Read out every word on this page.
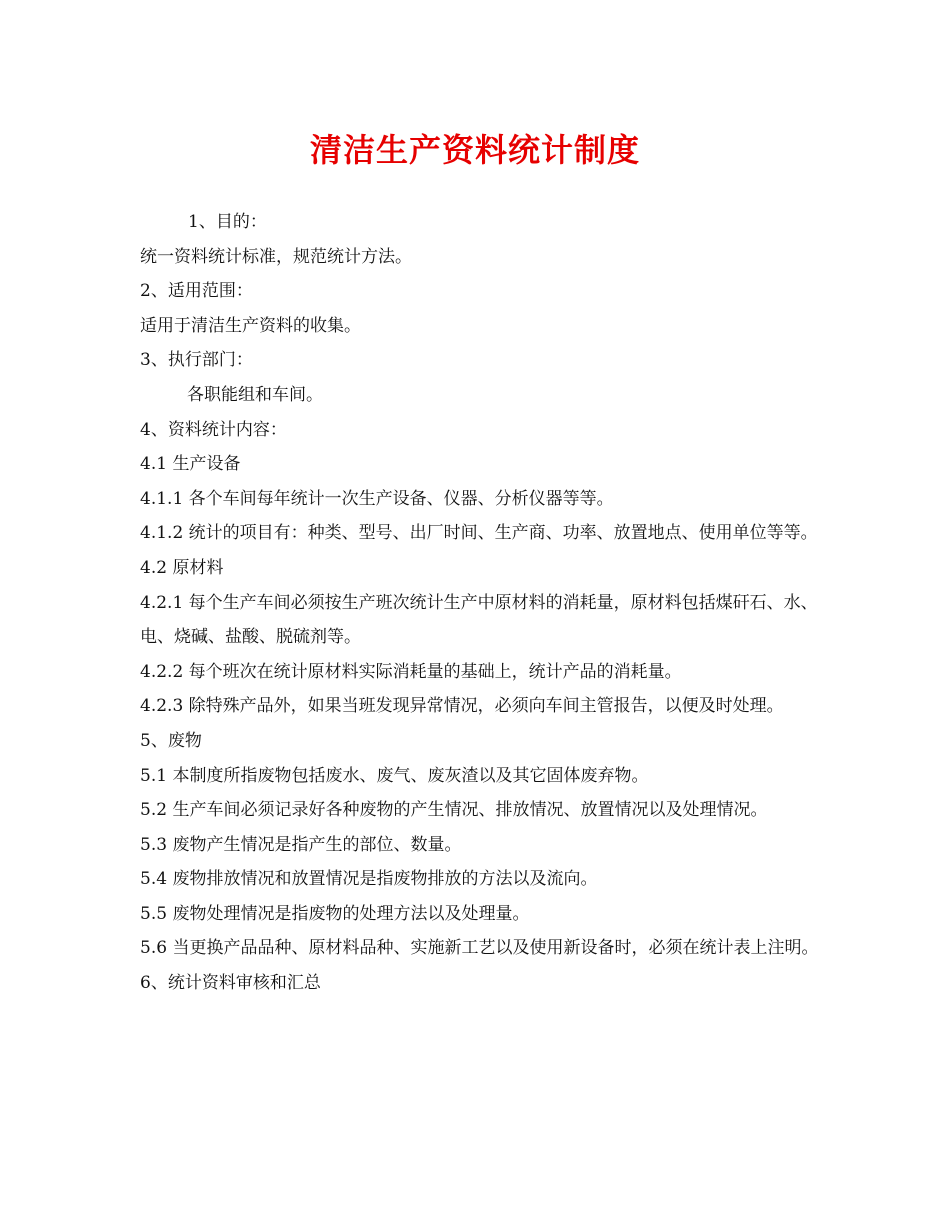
清洁生产资料统计制度

1、目的：

统一资料统计标准，规范统计方法。

2、适用范围：

适用于清洁生产资料的收集。

3、执行部门：

各职能组和车间。

4、资料统计内容：

4.1 生产设备

4.1.1 各个车间每年统计一次生产设备、仪器、分析仪器等等。

4.1.2 统计的项目有：种类、型号、出厂时间、生产商、功率、放置地点、使用单位等等。

4.2 原材料

4.2.1 每个生产车间必须按生产班次统计生产中原材料的消耗量，原材料包括煤矸石、水、电、烧碱、盐酸、脱硫剂等。

4.2.2 每个班次在统计原材料实际消耗量的基础上，统计产品的消耗量。

4.2.3 除特殊产品外，如果当班发现异常情况，必须向车间主管报告，以便及时处理。

5、废物

5.1 本制度所指废物包括废水、废气、废灰渣以及其它固体废弃物。

5.2 生产车间必须记录好各种废物的产生情况、排放情况、放置情况以及处理情况。

5.3 废物产生情况是指产生的部位、数量。

5.4 废物排放情况和放置情况是指废物排放的方法以及流向。

5.5 废物处理情况是指废物的处理方法以及处理量。

5.6 当更换产品品种、原材料品种、实施新工艺以及使用新设备时，必须在统计表上注明。

6、统计资料审核和汇总
